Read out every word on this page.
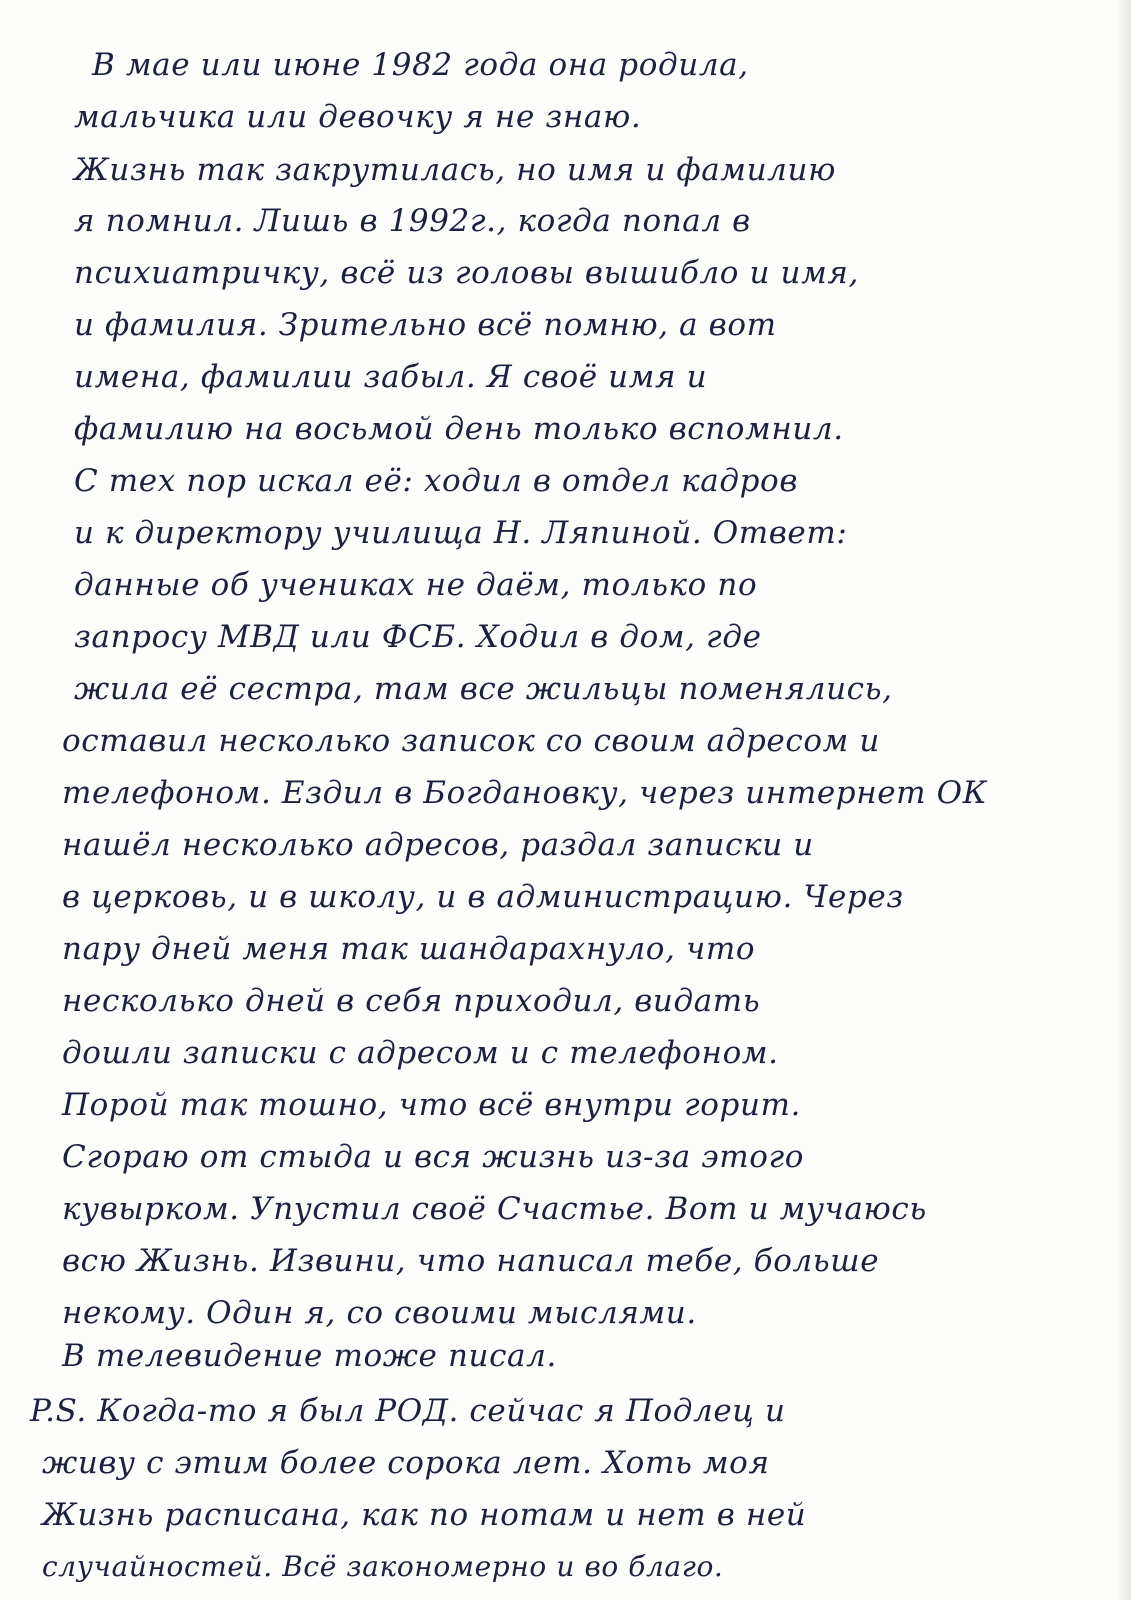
В мае или июне 1982 года она родила,
мальчика или девочку я не знаю.
Жизнь так закрутилась, но имя и фамилию
я помнил. Лишь в 1992г., когда попал в
психиатричку, всё из головы вышибло и имя,
и фамилия. Зрительно всё помню, а вот
имена, фамилии забыл. Я своё имя и
фамилию на восьмой день только вспомнил.
С тех пор искал её: ходил в отдел кадров
и к директору училища Н. Ляпиной. Ответ:
данные об учениках не даём, только по
запросу МВД или ФСБ. Ходил в дом, где
жила её сестра, там все жильцы поменялись,
оставил несколько записок со своим адресом и
телефоном. Ездил в Богдановку, через интернет ОК
нашёл несколько адресов, раздал записки и
в церковь, и в школу, и в администрацию. Через
пару дней меня так шандарахнуло, что
несколько дней в себя приходил, видать
дошли записки с адресом и с телефоном.
Порой так тошно, что всё внутри горит.
Сгораю от стыда и вся жизнь из-за этого
кувырком. Упустил своё Счастье. Вот и мучаюсь
всю Жизнь. Извини, что написал тебе, больше
некому. Один я, со своими мыслями.
В телевидение тоже писал.
P.S. Когда-то я был РОД. сейчас я Подлец и
живу с этим более сорока лет. Хоть моя
Жизнь расписана, как по нотам и нет в ней
случайностей. Всё закономерно и во благо.
